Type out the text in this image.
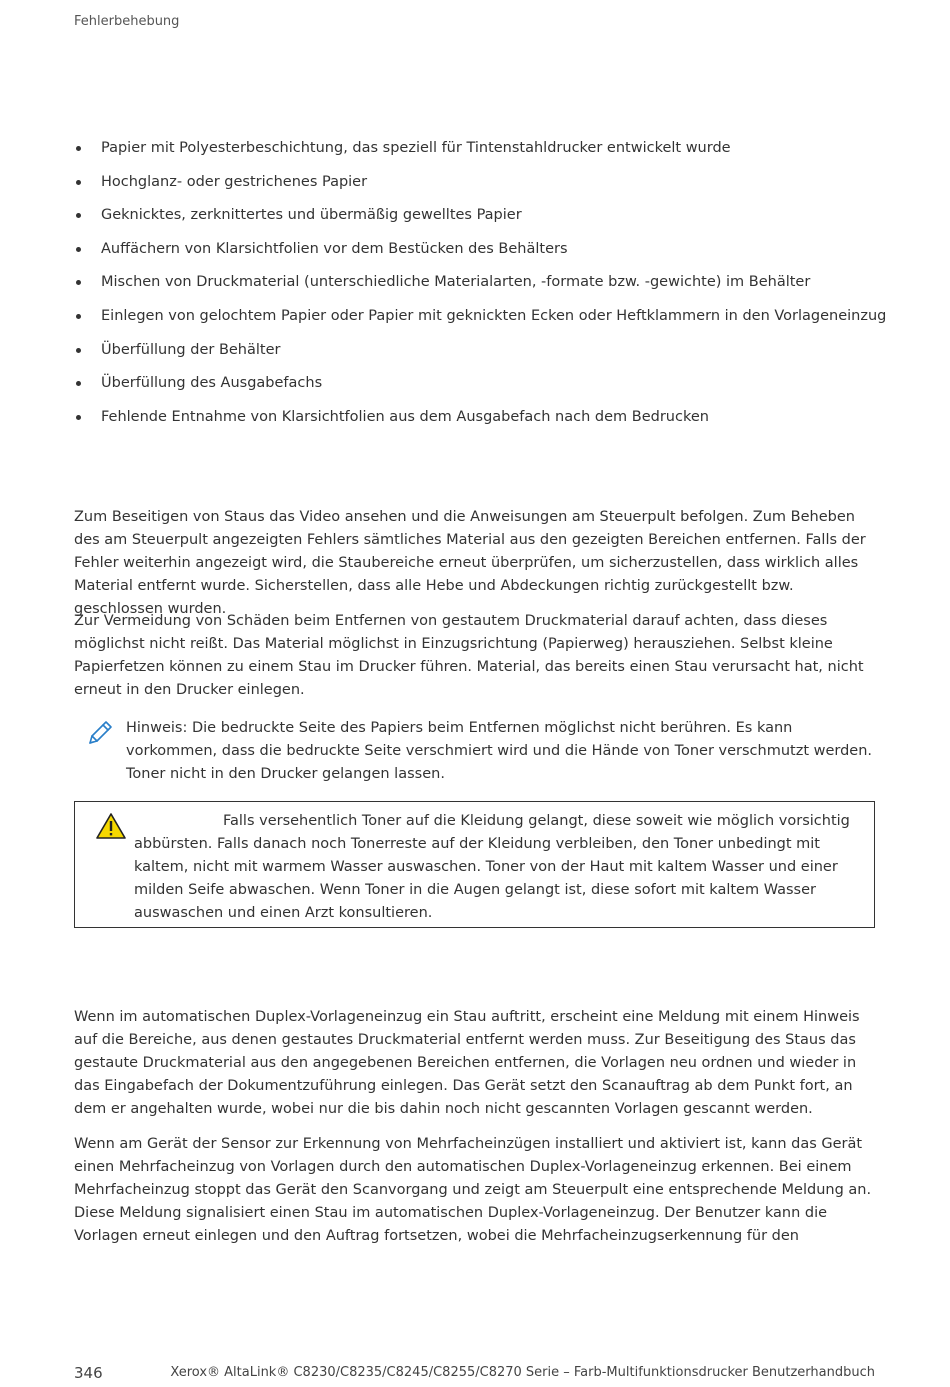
Fehlerbehebung
Papier mit Polyesterbeschichtung, das speziell für Tintenstahldrucker entwickelt wurde
Hochglanz- oder gestrichenes Papier
Geknicktes, zerknittertes und übermäßig gewelltes Papier
Auffächern von Klarsichtfolien vor dem Bestücken des Behälters
Mischen von Druckmaterial (unterschiedliche Materialarten, -formate bzw. -gewichte) im Behälter
Einlegen von gelochtem Papier oder Papier mit geknickten Ecken oder Heftklammern in den Vorlageneinzug
Überfüllung der Behälter
Überfüllung des Ausgabefachs
Fehlende Entnahme von Klarsichtfolien aus dem Ausgabefach nach dem Bedrucken

Zum Beseitigen von Staus das Video ansehen und die Anweisungen am Steuerpult befolgen. Zum Beheben des am Steuerpult angezeigten Fehlers sämtliches Material aus den gezeigten Bereichen entfernen. Falls der Fehler weiterhin angezeigt wird, die Staubereiche erneut überprüfen, um sicherzustellen, dass wirklich alles Material entfernt wurde. Sicherstellen, dass alle Hebe und Abdeckungen richtig zurückgestellt bzw. geschlossen wurden.

Zur Vermeidung von Schäden beim Entfernen von gestautem Druckmaterial darauf achten, dass dieses möglichst nicht reißt. Das Material möglichst in Einzugsrichtung (Papierweg) herausziehen. Selbst kleine Papierfetzen können zu einem Stau im Drucker führen. Material, das bereits einen Stau verursacht hat, nicht erneut in den Drucker einlegen.

Hinweis: Die bedruckte Seite des Papiers beim Entfernen möglichst nicht berühren. Es kann vorkommen, dass die bedruckte Seite verschmiert wird und die Hände von Toner verschmutzt werden. Toner nicht in den Drucker gelangen lassen.

Falls versehentlich Toner auf die Kleidung gelangt, diese soweit wie möglich vorsichtig abbürsten. Falls danach noch Tonerreste auf der Kleidung verbleiben, den Toner unbedingt mit kaltem, nicht mit warmem Wasser auswaschen. Toner von der Haut mit kaltem Wasser und einer milden Seife abwaschen. Wenn Toner in die Augen gelangt ist, diese sofort mit kaltem Wasser auswaschen und einen Arzt konsultieren.

Wenn im automatischen Duplex-Vorlageneinzug ein Stau auftritt, erscheint eine Meldung mit einem Hinweis auf die Bereiche, aus denen gestautes Druckmaterial entfernt werden muss. Zur Beseitigung des Staus das gestaute Druckmaterial aus den angegebenen Bereichen entfernen, die Vorlagen neu ordnen und wieder in das Eingabefach der Dokumentzuführung einlegen. Das Gerät setzt den Scanauftrag ab dem Punkt fort, an dem er angehalten wurde, wobei nur die bis dahin noch nicht gescannten Vorlagen gescannt werden.

Wenn am Gerät der Sensor zur Erkennung von Mehrfacheinzügen installiert und aktiviert ist, kann das Gerät einen Mehrfacheinzug von Vorlagen durch den automatischen Duplex-Vorlageneinzug erkennen. Bei einem Mehrfacheinzug stoppt das Gerät den Scanvorgang und zeigt am Steuerpult eine entsprechende Meldung an. Diese Meldung signalisiert einen Stau im automatischen Duplex-Vorlageneinzug. Der Benutzer kann die Vorlagen erneut einlegen und den Auftrag fortsetzen, wobei die Mehrfacheinzugserkennung für den

346	Xerox® AltaLink® C8230/C8235/C8245/C8255/C8270 Serie – Farb-Multifunktionsdrucker Benutzerhandbuch
